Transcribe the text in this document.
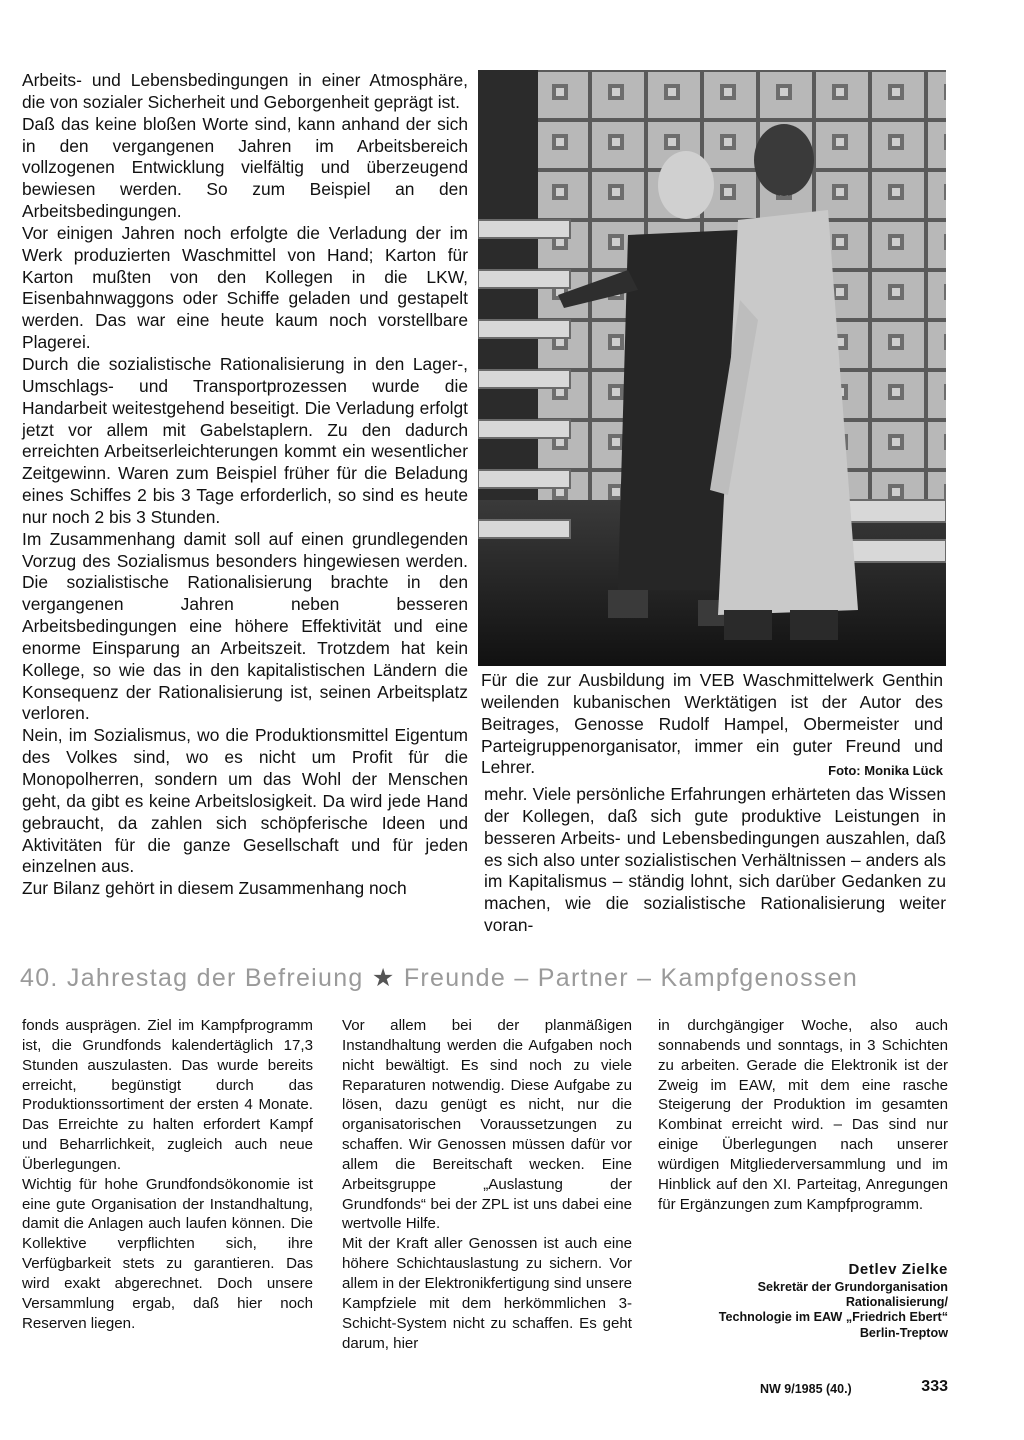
Arbeits- und Lebensbedingungen in einer Atmosphäre, die von sozialer Sicherheit und Geborgenheit geprägt ist.

Daß das keine bloßen Worte sind, kann anhand der sich in den vergangenen Jahren im Arbeitsbereich vollzogenen Entwicklung vielfältig und überzeugend bewiesen werden. So zum Beispiel an den Arbeitsbedingungen.

Vor einigen Jahren noch erfolgte die Verladung der im Werk produzierten Waschmittel von Hand; Karton für Karton mußten von den Kollegen in die LKW, Eisenbahnwaggons oder Schiffe geladen und gestapelt werden. Das war eine heute kaum noch vorstellbare Plagerei.

Durch die sozialistische Rationalisierung in den Lager-, Umschlags- und Transportprozessen wurde die Handarbeit weitestgehend beseitigt. Die Verladung erfolgt jetzt vor allem mit Gabelstaplern. Zu den dadurch erreichten Arbeitserleichterungen kommt ein wesentlicher Zeitgewinn. Waren zum Beispiel früher für die Beladung eines Schiffes 2 bis 3 Tage erforderlich, so sind es heute nur noch 2 bis 3 Stunden.

Im Zusammenhang damit soll auf einen grundlegenden Vorzug des Sozialismus besonders hingewiesen werden. Die sozialistische Rationalisierung brachte in den vergangenen Jahren neben besseren Arbeitsbedingungen eine höhere Effektivität und eine enorme Einsparung an Arbeitszeit. Trotzdem hat kein Kollege, so wie das in den kapitalistischen Ländern die Konsequenz der Rationalisierung ist, seinen Arbeitsplatz verloren.

Nein, im Sozialismus, wo die Produktionsmittel Eigentum des Volkes sind, wo es nicht um Profit für die Monopolherren, sondern um das Wohl der Menschen geht, da gibt es keine Arbeitslosigkeit. Da wird jede Hand gebraucht, da zahlen sich schöpferische Ideen und Aktivitäten für die ganze Gesellschaft und für jeden einzelnen aus.

Zur Bilanz gehört in diesem Zusammenhang noch

Für die zur Ausbildung im VEB Waschmittelwerk Genthin weilenden kubanischen Werktätigen ist der Autor des Beitrages, Genosse Rudolf Hampel, Obermeister und Parteigruppenorganisator, immer ein guter Freund und Lehrer.	Foto: Monika Lück

mehr. Viele persönliche Erfahrungen erhärteten das Wissen der Kollegen, daß sich gute produktive Leistungen in besseren Arbeits- und Lebensbedingungen auszahlen, daß es sich also unter sozialistischen Verhältnissen – anders als im Kapitalismus – ständig lohnt, sich darüber Gedanken zu machen, wie die sozialistische Rationalisierung weiter voran-

40. Jahrestag der Befreiung ★ Freunde – Partner – Kampfgenossen

fonds ausprägen. Ziel im Kampfprogramm ist, die Grundfonds kalendertäglich 17,3 Stunden auszulasten. Das wurde bereits erreicht, begünstigt durch das Produktionssortiment der ersten 4 Monate. Das Erreichte zu halten erfordert Kampf und Beharrlichkeit, zugleich auch neue Überlegungen.

Wichtig für hohe Grundfondsökonomie ist eine gute Organisation der Instandhaltung, damit die Anlagen auch laufen können. Die Kollektive verpflichten sich, ihre Verfügbarkeit stets zu garantieren. Das wird exakt abgerechnet. Doch unsere Versammlung ergab, daß hier noch Reserven liegen.

Vor allem bei der planmäßigen Instandhaltung werden die Aufgaben noch nicht bewältigt. Es sind noch zu viele Reparaturen notwendig. Diese Aufgabe zu lösen, dazu genügt es nicht, nur die organisatorischen Voraussetzungen zu schaffen. Wir Genossen müssen dafür vor allem die Bereitschaft wecken. Eine Arbeitsgruppe „Auslastung der Grundfonds“ bei der ZPL ist uns dabei eine wertvolle Hilfe.

Mit der Kraft aller Genossen ist auch eine höhere Schichtauslastung zu sichern. Vor allem in der Elektronikfertigung sind unsere Kampfziele mit dem herkömmlichen 3-Schicht-System nicht zu schaffen. Es geht darum, hier

in durchgängiger Woche, also auch sonnabends und sonntags, in 3 Schichten zu arbeiten. Gerade die Elektronik ist der Zweig im EAW, mit dem eine rasche Steigerung der Produktion im gesamten Kombinat erreicht wird. – Das sind nur einige Überlegungen nach unserer würdigen Mitgliederversammlung und im Hinblick auf den XI. Parteitag, Anregungen für Ergänzungen zum Kampfprogramm.

Detlev Zielke
Sekretär der Grundorganisation
Rationalisierung/
Technologie im EAW „Friedrich Ebert“
Berlin-Treptow
NW 9/1985 (40.)	333
